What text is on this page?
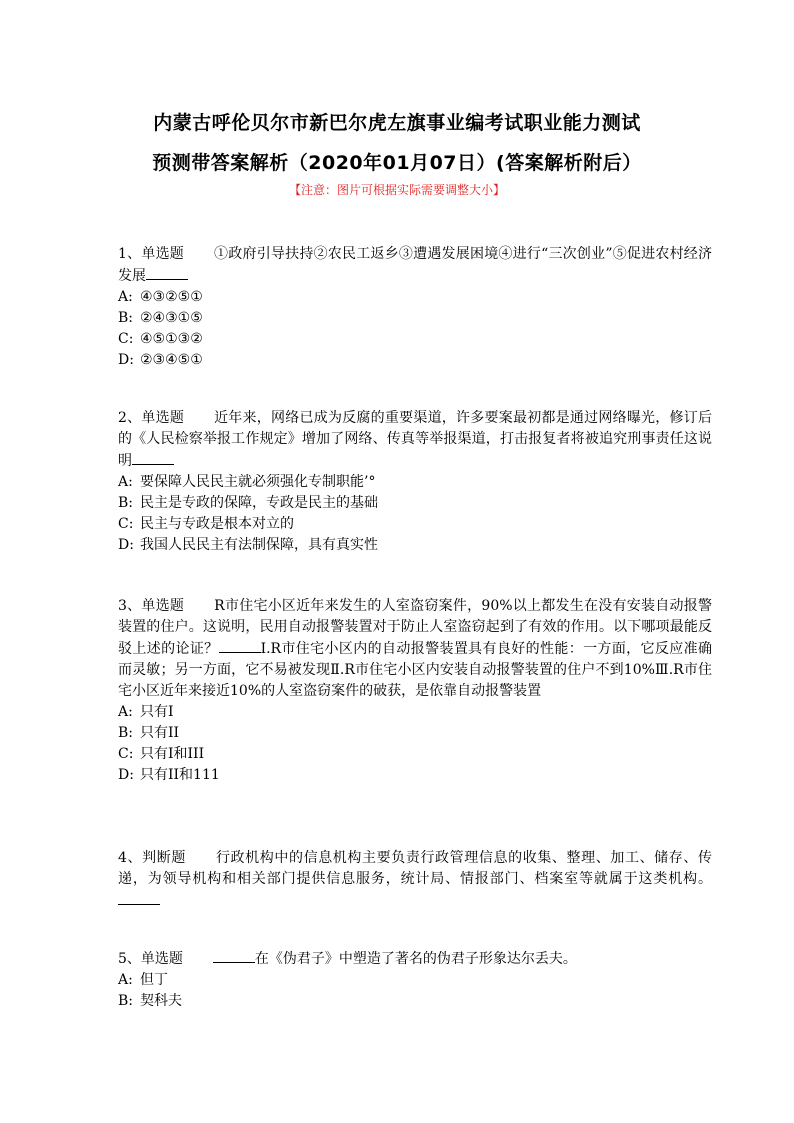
内蒙古呼伦贝尔市新巴尔虎左旗事业编考试职业能力测试
预测带答案解析（2020年01月07日）(答案解析附后）
【注意：图片可根据实际需要调整大小】

1、单选题 ①政府引导扶持②农民工返乡③遭遇发展困境④进行“三次创业”⑤促进农村经济发展

A: ④③②⑤①

B: ②④③①⑤

C: ④⑤①③②

D: ②③④⑤①

2、单选题 近年来，网络已成为反腐的重要渠道，许多要案最初都是通过网络曝光，修订后的《人民检察举报工作规定》增加了网络、传真等举报渠道，打击报复者将被追究刑事责任这说明

A: 要保障人民民主就必须强化专制职能’°

B: 民主是专政的保障，专政是民主的基础

C: 民主与专政是根本对立的

D: 我国人民民主有法制保障，具有真实性

3、单选题 R市住宅小区近年来发生的人室盗窃案件，90%以上都发生在没有安装自动报警装置的住户。这说明，民用自动报警装置对于防止人室盗窃起到了有效的作用。以下哪项最能反驳上述的论证？	I.R市住宅小区内的自动报警装置具有良好的性能：一方面，它反应准确而灵敏；另一方面，它不易被发现Ⅱ.R市住宅小区内安装自动报警装置的住户不到10%Ⅲ.R市住宅小区近年来接近10%的人室盗窃案件的破获，是依靠自动报警装置

A: 只有I

B: 只有II

C: 只有I和III

D: 只有II和111

4、判断题 行政机构中的信息机构主要负责行政管理信息的收集、整理、加工、储存、传递，为领导机构和相关部门提供信息服务，统计局、情报部门、档案室等就属于这类机构。

5、单选题	在《伪君子》中塑造了著名的伪君子形象达尔丢夫。

A: 但丁

B: 契科夫
